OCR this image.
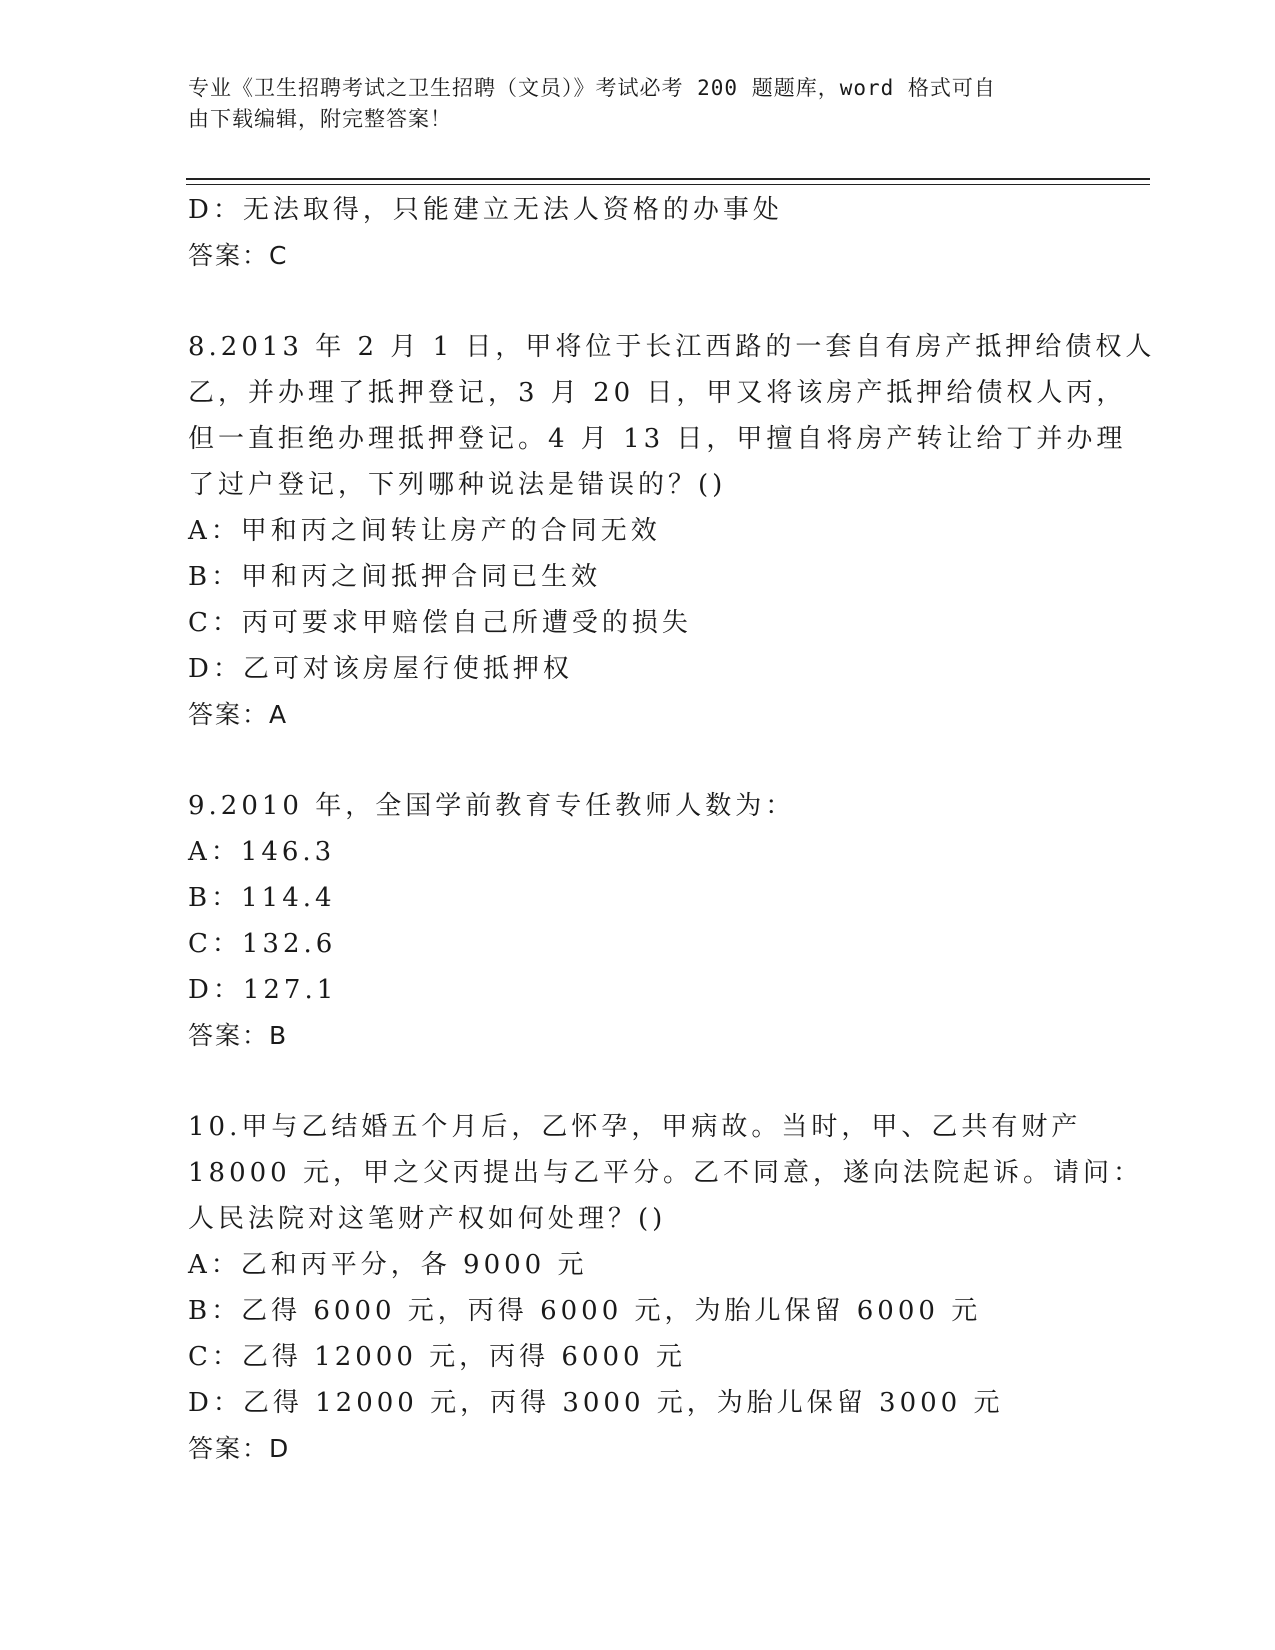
专业《卫生招聘考试之卫生招聘（文员）》考试必考 200 题题库，word 格式可自
由下载编辑，附完整答案！
D：无法取得，只能建立无法人资格的办事处
答案：C
8.2013 年 2 月 1 日，甲将位于长江西路的一套自有房产抵押给债权人
乙，并办理了抵押登记，3 月 20 日，甲又将该房产抵押给债权人丙，
但一直拒绝办理抵押登记。4 月 13 日，甲擅自将房产转让给丁并办理
了过户登记，下列哪种说法是错误的？()
A：甲和丙之间转让房产的合同无效
B：甲和丙之间抵押合同已生效
C：丙可要求甲赔偿自己所遭受的损失
D：乙可对该房屋行使抵押权
答案：A
9.2010 年，全国学前教育专任教师人数为：
A：146.3
B：114.4
C：132.6
D：127.1
答案：B
10.甲与乙结婚五个月后，乙怀孕，甲病故。当时，甲、乙共有财产
18000 元，甲之父丙提出与乙平分。乙不同意，遂向法院起诉。请问：
人民法院对这笔财产权如何处理？()
A：乙和丙平分，各 9000 元
B：乙得 6000 元，丙得 6000 元，为胎儿保留 6000 元
C：乙得 12000 元，丙得 6000 元
D：乙得 12000 元，丙得 3000 元，为胎儿保留 3000 元
答案：D
